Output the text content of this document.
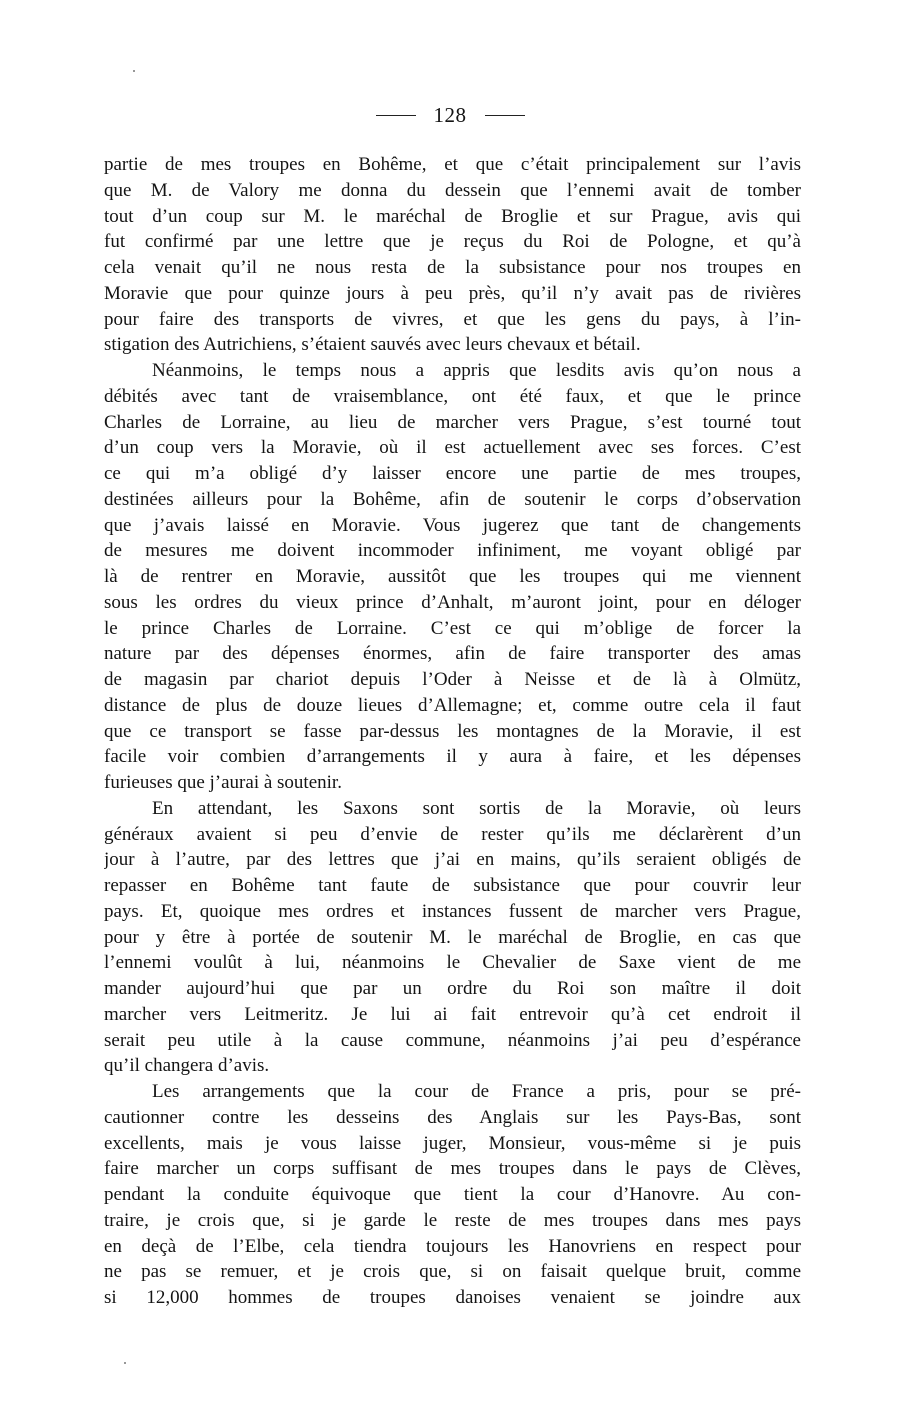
128
partie de mes troupes en Bohême, et que c’était principalement sur l’avis
que M. de Valory me donna du dessein que l’ennemi avait de tomber
tout d’un coup sur M. le maréchal de Broglie et sur Prague, avis qui
fut confirmé par une lettre que je reçus du Roi de Pologne, et qu’à
cela venait qu’il ne nous resta de la subsistance pour nos troupes en
Moravie que pour quinze jours à peu près, qu’il n’y avait pas de rivières
pour faire des transports de vivres, et que les gens du pays, à l’in-
stigation des Autrichiens, s’étaient sauvés avec leurs chevaux et bétail.
Néanmoins, le temps nous a appris que lesdits avis qu’on nous a
débités avec tant de vraisemblance, ont été faux, et que le prince
Charles de Lorraine, au lieu de marcher vers Prague, s’est tourné tout
d’un coup vers la Moravie, où il est actuellement avec ses forces. C’est
ce qui m’a obligé d’y laisser encore une partie de mes troupes,
destinées ailleurs pour la Bohême, afin de soutenir le corps d’observation
que j’avais laissé en Moravie. Vous jugerez que tant de changements
de mesures me doivent incommoder infiniment, me voyant obligé par
là de rentrer en Moravie, aussitôt que les troupes qui me viennent
sous les ordres du vieux prince d’Anhalt, m’auront joint, pour en déloger
le prince Charles de Lorraine. C’est ce qui m’oblige de forcer la
nature par des dépenses énormes, afin de faire transporter des amas
de magasin par chariot depuis l’Oder à Neisse et de là à Olmütz,
distance de plus de douze lieues d’Allemagne; et, comme outre cela il faut
que ce transport se fasse par-dessus les montagnes de la Moravie, il est
facile voir combien d’arrangements il y aura à faire, et les dépenses
furieuses que j’aurai à soutenir.
En attendant, les Saxons sont sortis de la Moravie, où leurs
généraux avaient si peu d’envie de rester qu’ils me déclarèrent d’un
jour à l’autre, par des lettres que j’ai en mains, qu’ils seraient obligés de
repasser en Bohême tant faute de subsistance que pour couvrir leur
pays. Et, quoique mes ordres et instances fussent de marcher vers Prague,
pour y être à portée de soutenir M. le maréchal de Broglie, en cas que
l’ennemi voulût à lui, néanmoins le Chevalier de Saxe vient de me
mander aujourd’hui que par un ordre du Roi son maître il doit
marcher vers Leitmeritz. Je lui ai fait entrevoir qu’à cet endroit il
serait peu utile à la cause commune, néanmoins j’ai peu d’espérance
qu’il changera d’avis.
Les arrangements que la cour de France a pris, pour se pré-
cautionner contre les desseins des Anglais sur les Pays-Bas, sont
excellents, mais je vous laisse juger, Monsieur, vous-même si je puis
faire marcher un corps suffisant de mes troupes dans le pays de Clèves,
pendant la conduite équivoque que tient la cour d’Hanovre. Au con-
traire, je crois que, si je garde le reste de mes troupes dans mes pays
en deçà de l’Elbe, cela tiendra toujours les Hanovriens en respect pour
ne pas se remuer, et je crois que, si on faisait quelque bruit, comme
si 12,000 hommes de troupes danoises venaient se joindre aux
